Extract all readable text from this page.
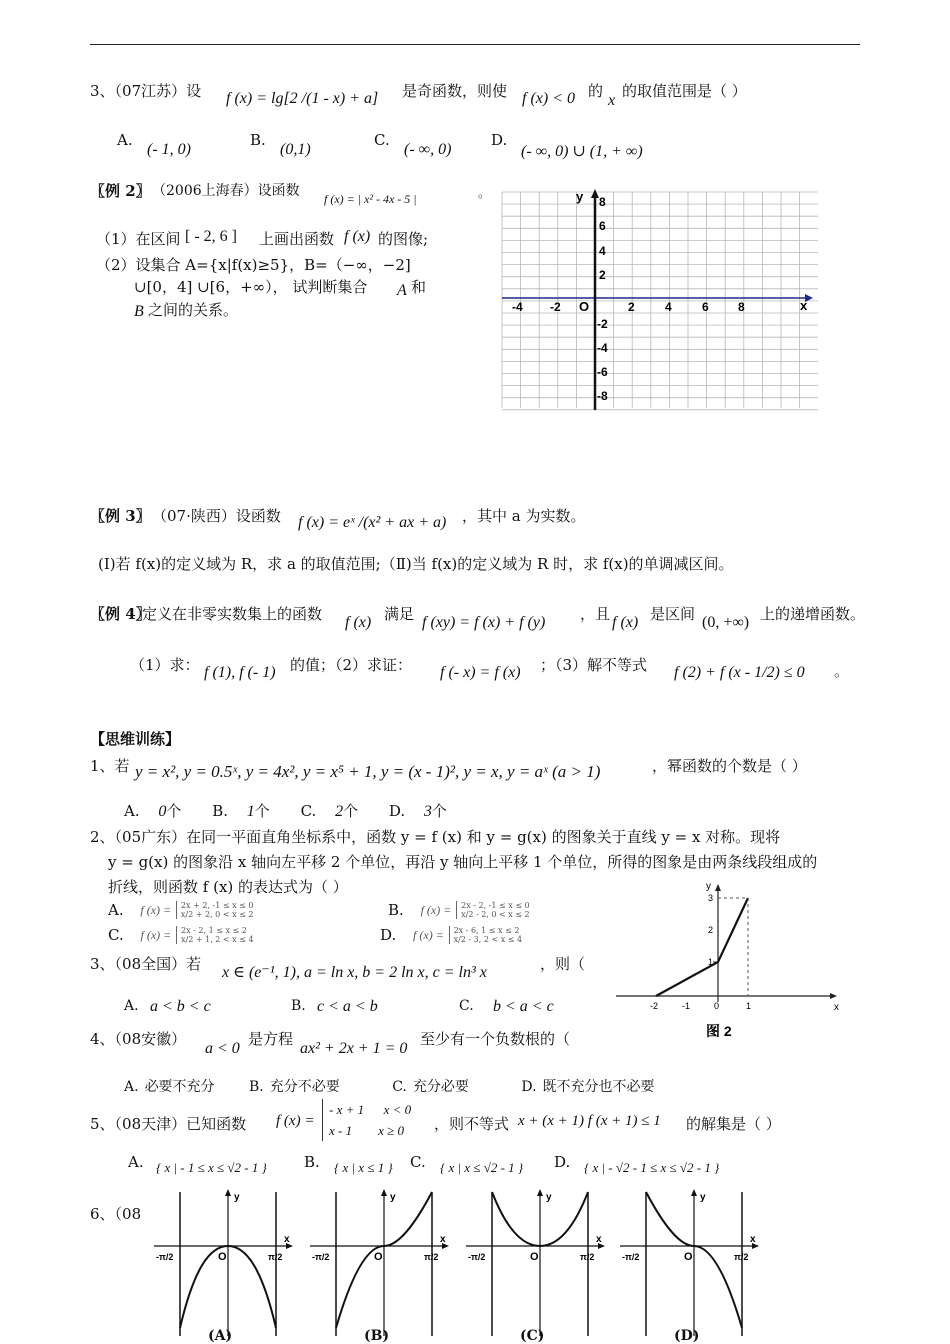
3、（07江苏）设 f (x) = lg[2 /(1 - x) + a] 是奇函数，则使 f (x) < 0 的
x
的取值范围是（ ）
A.
(- 1, 0)
B.
(0,1)
C.
(- ∞, 0)
D.
(- ∞, 0) ∪ (1, + ∞)
〖例 2〗 （2006上海春）设函数 f (x) = | x² - 4x - 5 |	。
（1）在区间 [ - 2, 6 ] 上画出函数 f (x) 的图像;
（2）设集合 A={x|f(x)≥5}，B=（−∞，−2]
∪[0，4] ∪[6，+∞）， 试判断集合 A 和
B 之间的关系。	x
y
O
-4 -2	2	4	6 8
8
6
4
2
-2
-4
-6
-8
〖例 3〗 （07·陕西）设函数 f (x) = eˣ /(x² + ax + a) ，其中 a 为实数。
(Ⅰ)若 f(x)的定义域为 R，求 a 的取值范围;（Ⅱ)当 f(x)的定义域为 R 时，求 f(x)的单调减区间。
〖例 4〗
定义在非零实数集上的函数 f (x) 满足 f (xy) = f (x) + f (y) ，且 f (x) 是区间 (0, +∞) 上的递增函数。
（1）求： f (1), f (- 1) 的值；（2）求证： f (- x) = f (x) ；（3）解不等式 f (2) + f (x - 1/2) ≤ 0 。
【思维训练】
1、若 y = x², y = 0.5ˣ, y = 4x², y = x⁵ + 1, y = (x - 1)², y = x, y = aˣ (a > 1)	，幂函数的个数是（ ）
A. 0个 B. 1个 C. 2个 D. 3个
2、（05广东）在同一平面直角坐标系中，函数 y = f (x) 和 y = g(x) 的图象关于直线 y = x 对称。现将
y = g(x) 的图象沿 x 轴向左平移 2 个单位，再沿 y 轴向上平移 1 个单位，所得的图象是由两条线段组成的
折线，则函数 f (x) 的表达式为（ ）
A. f (x) = 2x + 2, -1 ≤ x ≤ 0
x/2 + 2, 0 < x ≤ 2	B. f (x) = 2x - 2, -1 ≤ x ≤ 0
x/2 - 2, 0 < x ≤ 2
C. f (x) = 2x - 2, 1 ≤ x ≤ 2
x/2 + 1, 2 < x ≤ 4	D. f (x) = 2x - 6, 1 ≤ x ≤ 2
x/2 - 3, 2 < x ≤ 4
y
x
-2	-1	0	1
3
2
1
图 2
3、（08全国）若 x ∈ (e⁻¹, 1), a = ln x, b = 2 ln x, c = ln³ x	，则（
A. a < b < c	B. c < a < b	C. b < a < c
4、（08安徽）
a < 0
是方程
ax² + 2x + 1 = 0
至少有一个负数根的（
A. 必要不充分 B. 充分不必要	C. 充分必要	D. 既不充分也不必要
5、（08天津）已知函数 f (x) =
- x + 1      x < 0
x - 1        x ≥ 0	，则不等式 x + (x + 1) f (x + 1) ≤ 1 的解集是（ ）
A. { x | - 1 ≤ x ≤ √2 - 1 } B. { x | x ≤ 1 } C. { x | x ≤ √2 - 1 } D. { x | - √2 - 1 ≤ x ≤ √2 - 1 }
6、（08
y
x
O
-π/2	π/2
(A)
y
x
O
-π/2	π/2
(B)
y
x
O
-π/2	π/2
(C)
y
x
O
-π/2	π/2
(D)
